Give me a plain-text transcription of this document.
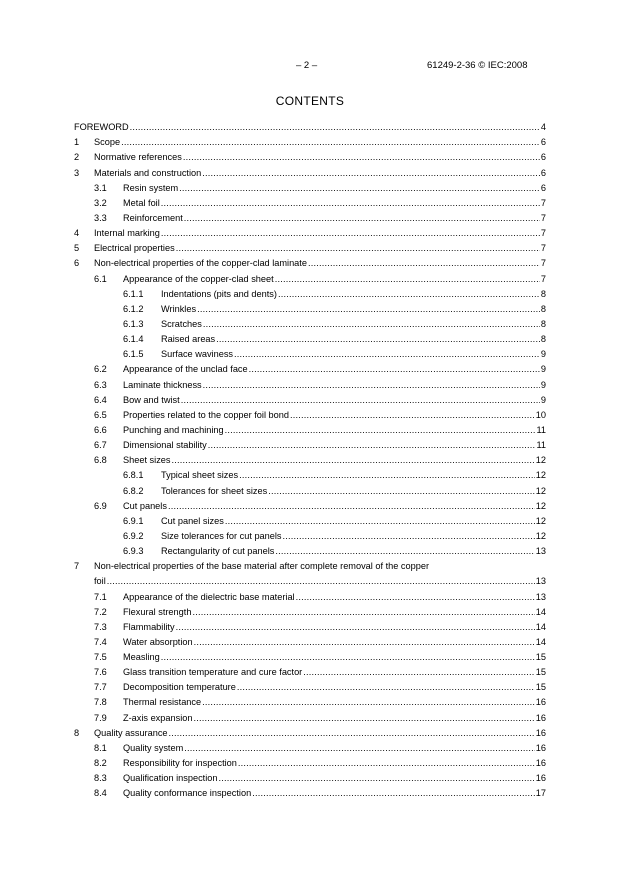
– 2 –	61249-2-36 © IEC:2008
CONTENTS
FOREWORD .....	4
1	Scope .....	6
2	Normative references .....	6
3	Materials and construction .....	6
3.1	Resin system .....	6
3.2	Metal foil .....	7
3.3	Reinforcement .....	7
4	Internal marking .....	7
5	Electrical properties .....	7
6	Non-electrical properties of the copper-clad laminate .....	7
6.1	Appearance of the copper-clad sheet .....	7
6.1.1	Indentations (pits and dents) .....	8
6.1.2	Wrinkles .....	8
6.1.3	Scratches .....	8
6.1.4	Raised areas .....	8
6.1.5	Surface waviness .....	9
6.2	Appearance of the unclad face .....	9
6.3	Laminate thickness .....	9
6.4	Bow and twist .....	9
6.5	Properties related to the copper foil bond .....	10
6.6	Punching and machining .....	11
6.7	Dimensional stability .....	11
6.8	Sheet sizes .....	12
6.8.1	Typical sheet sizes .....	12
6.8.2	Tolerances for sheet sizes .....	12
6.9	Cut panels .....	12
6.9.1	Cut panel sizes .....	12
6.9.2	Size tolerances for cut panels .....	12
6.9.3	Rectangularity of cut panels .....	13
7	Non-electrical properties of the base material after complete removal of the copper
foil .....	13
7.1	Appearance of the dielectric base material .....	13
7.2	Flexural strength .....	14
7.3	Flammability .....	14
7.4	Water absorption .....	14
7.5	Measling .....	15
7.6	Glass transition temperature and cure factor .....	15
7.7	Decomposition temperature .....	15
7.8	Thermal resistance .....	16
7.9	Z-axis expansion .....	16
8	Quality assurance .....	16
8.1	Quality system .....	16
8.2	Responsibility for inspection .....	16
8.3	Qualification inspection .....	16
8.4	Quality conformance inspection .....	17
